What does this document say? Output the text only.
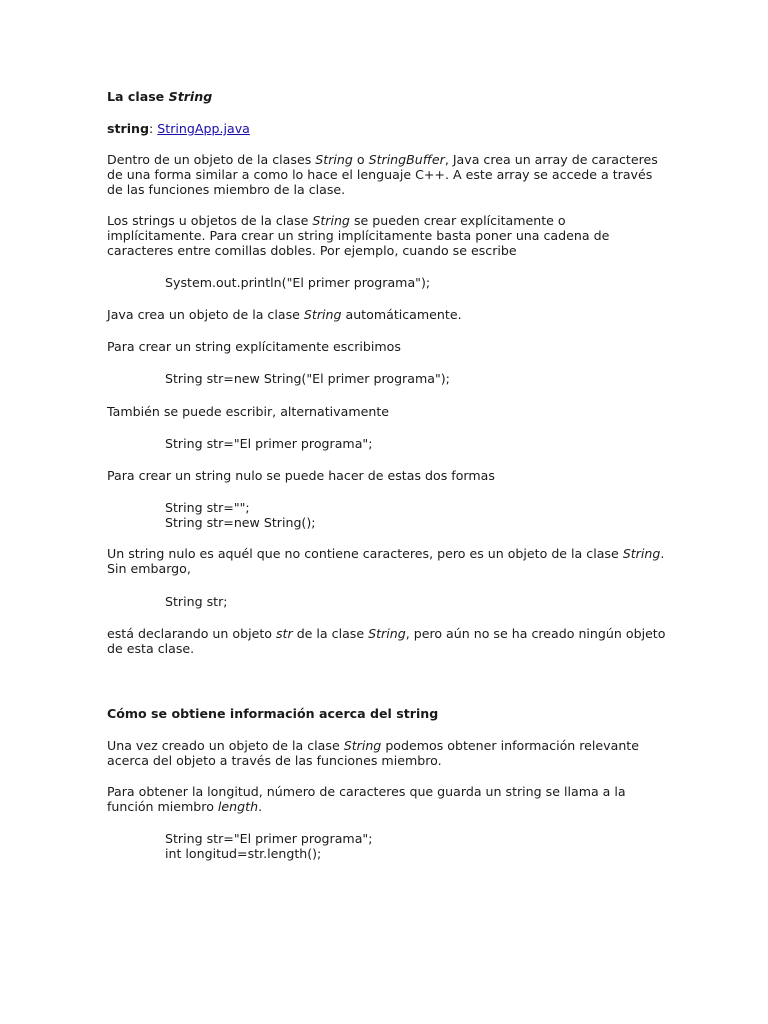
La clase String

string: StringApp.java

Dentro de un objeto de la clases String o StringBuffer, Java crea un array de caracteres de una forma similar a como lo hace el lenguaje C++. A este array se accede a través de las funciones miembro de la clase.

Los strings u objetos de la clase String se pueden crear explícitamente o implícitamente. Para crear un string implícitamente basta poner una cadena de caracteres entre comillas dobles. Por ejemplo, cuando se escribe

System.out.println("El primer programa");

Java crea un objeto de la clase String automáticamente.

Para crear un string explícitamente escribimos

String str=new String("El primer programa");

También se puede escribir, alternativamente

String str="El primer programa";

Para crear un string nulo se puede hacer de estas dos formas

String str="";
String str=new String();

Un string nulo es aquél que no contiene caracteres, pero es un objeto de la clase String. Sin embargo,

String str;

está declarando un objeto str de la clase String, pero aún no se ha creado ningún objeto de esta clase.

Cómo se obtiene información acerca del string

Una vez creado un objeto de la clase String podemos obtener información relevante acerca del objeto a través de las funciones miembro.

Para obtener la longitud, número de caracteres que guarda un string se llama a la función miembro length.

String str="El primer programa";
int longitud=str.length();
